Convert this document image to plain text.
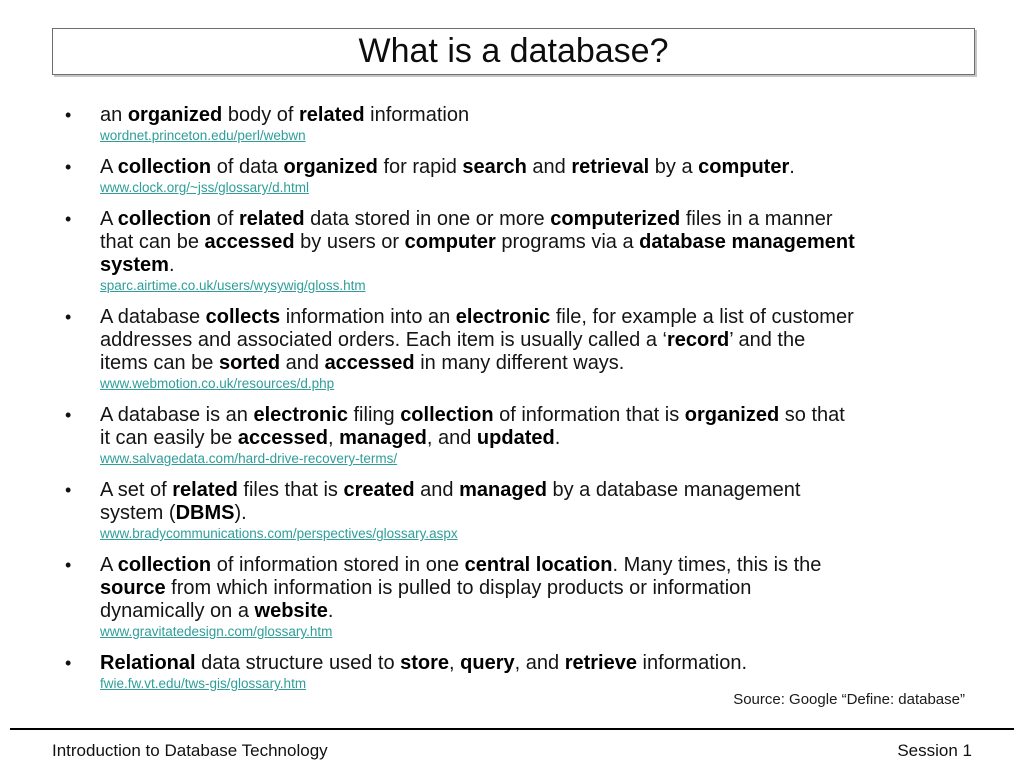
What is a database?
•	an organized body of related information
wordnet.princeton.edu/perl/webwn
•	A collection of data organized for rapid search and retrieval by a computer.
www.clock.org/~jss/glossary/d.html
•	A collection of related data stored in one or more computerized files in a manner
that can be accessed by users or computer programs via a database management
system.
sparc.airtime.co.uk/users/wysywig/gloss.htm
•	A database collects information into an electronic file, for example a list of customer
addresses and associated orders. Each item is usually called a ‘record’ and the
items can be sorted and accessed in many different ways.
www.webmotion.co.uk/resources/d.php
•	A database is an electronic filing collection of information that is organized so that
it can easily be accessed, managed, and updated.
www.salvagedata.com/hard-drive-recovery-terms/
•	A set of related files that is created and managed by a database management
system (DBMS).
www.bradycommunications.com/perspectives/glossary.aspx
•	A collection of information stored in one central location. Many times, this is the
source from which information is pulled to display products or information
dynamically on a website.
www.gravitatedesign.com/glossary.htm
•	Relational data structure used to store, query, and retrieve information.
fwie.fw.vt.edu/tws-gis/glossary.htm
Source: Google “Define: database”
Introduction to Database Technology	Session 1
